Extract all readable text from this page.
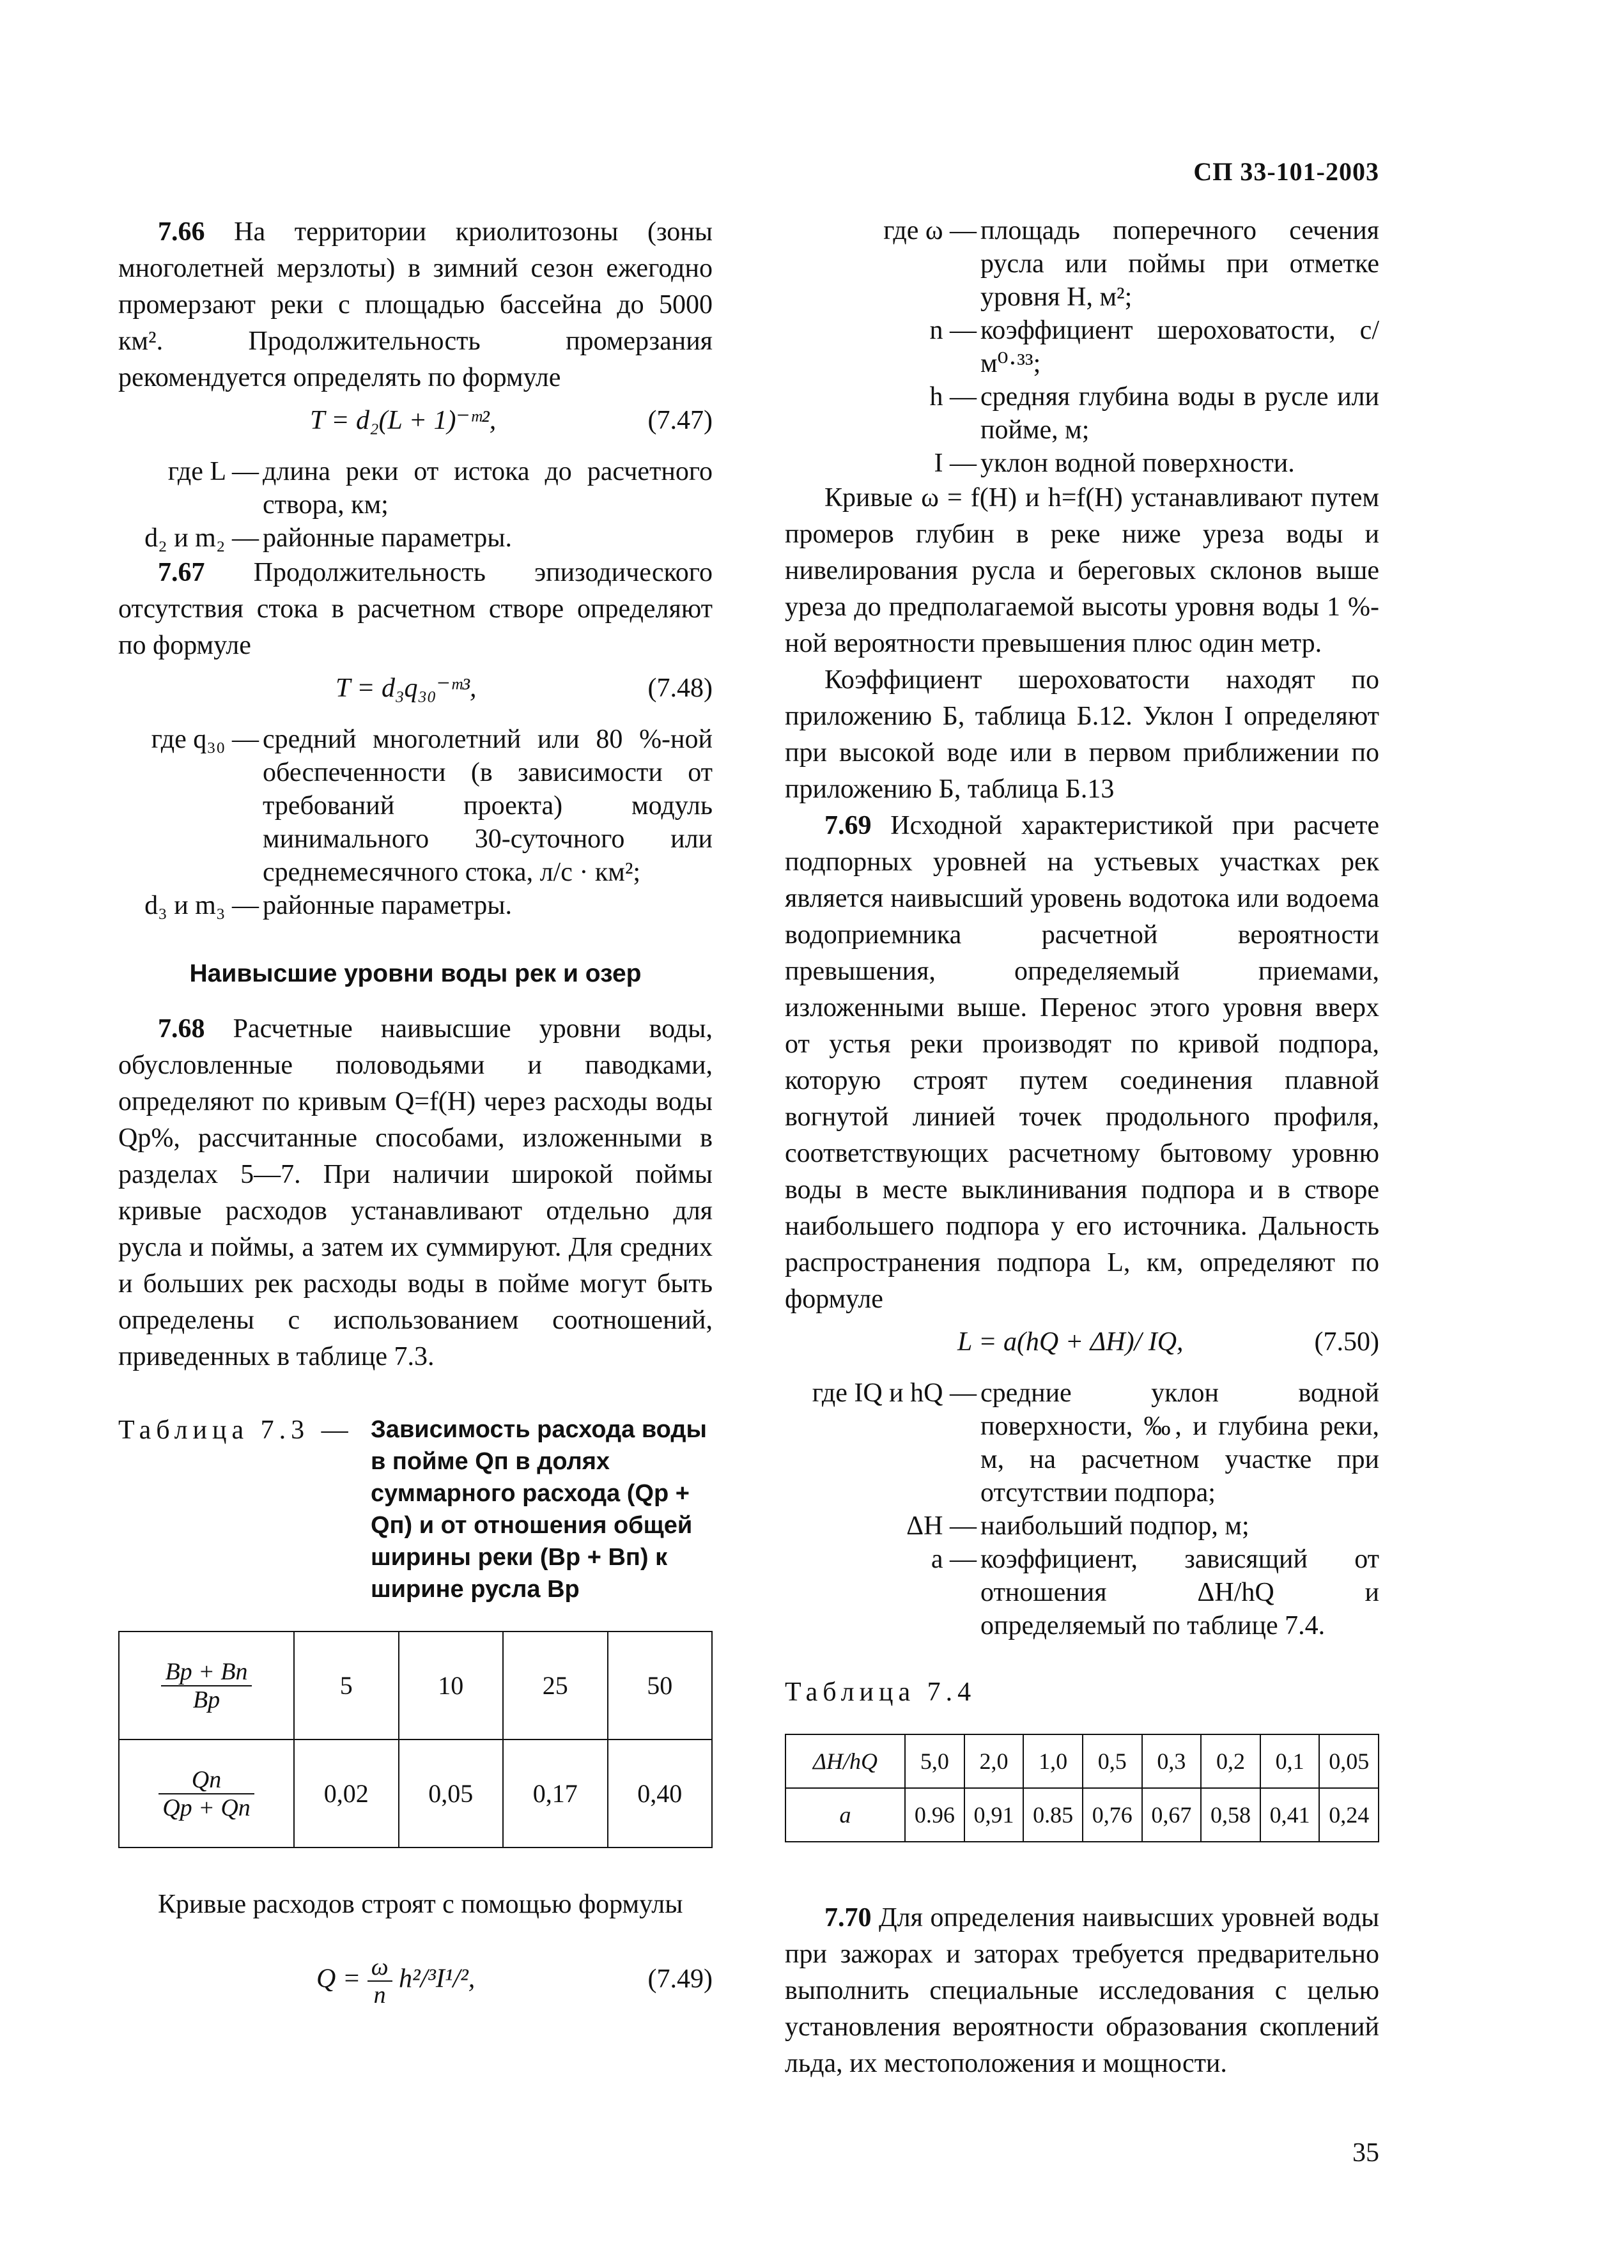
СП 33-101-2003

7.66 На территории криолитозоны (зоны многолетней мерзлоты) в зимний сезон ежегодно промерзают реки с площадью бассейна до 5000 км². Продолжительность промерзания рекомендуется определять по формуле

T = d₂(L + 1)⁻ᵐ²,	(7.47)
где L —	длина реки от истока до расчетного створа, км;
d₂ и m₂ —	районные параметры.

7.67 Продолжительность эпизодического отсутствия стока в расчетном створе определяют по формуле

T = d₃q₃₀⁻ᵐ³,	(7.48)
где q₃₀ —	средний многолетний или 80 %-ной обеспеченности (в зависимости от требований проекта) модуль минимального 30-суточного или среднемесячного стока, л/с · км²;
d₃ и m₃ —	районные параметры.
Наивысшие уровни воды рек и озер

7.68 Расчетные наивысшие уровни воды, обусловленные половодьями и паводками, определяют по кривым Q=f(H) через расходы воды Qр%, рассчитанные способами, изложенными в разделах 5—7. При наличии широкой поймы кривые расходов устанавливают отдельно для русла и поймы, а затем их суммируют. Для средних и больших рек расходы воды в пойме могут быть определены с использованием соотношений, приведенных в таблице 7.3.

Таблица 7.3 — Зависимость расхода воды в пойме Qп в долях суммарного расхода (Qр + Qп) и от отношения общей ширины реки (Вр + Вп) к ширине русла Вр
$\frac{Bр + Bп}{Bр}$	5	10	25	50

$\frac{Qп}{Qр + Qп}$	0,02	0,05	0,17	0,40

Кривые расходов строят с помощью формулы

$Q = \frac{\omega}{n} h^2/^3I^1/^2$,	(7.49)
где ω —	площадь поперечного сечения русла или поймы при отметке уровня H, м²;
n —	коэффициент шероховатости, с/м⁰·³³;
h —	средняя глубина воды в русле или пойме, м;
I —	уклон водной поверхности.

Кривые ω = f(H) и h=f(H) устанавливают путем промеров глубин в реке ниже уреза воды и нивелирования русла и береговых склонов выше уреза до предполагаемой высоты уровня воды 1 %-ной вероятности превышения плюс один метр.

Коэффициент шероховатости находят по приложению Б, таблица Б.12. Уклон I определяют при высокой воде или в первом приближении по приложению Б, таблица Б.13

7.69 Исходной характеристикой при расчете подпорных уровней на устьевых участках рек является наивысший уровень водотока или водоема водоприемника расчетной вероятности превышения, определяемый приемами, изложенными выше. Перенос этого уровня вверх от устья реки производят по кривой подпора, которую строят путем соединения плавной вогнутой линией точек продольного профиля, соответствующих расчетному бытовому уровню воды в месте выклинивания подпора и в створе наибольшего подпора у его источника. Дальность распространения подпора L, км, определяют по формуле

L = a(hQ + ΔH)/ IQ,	(7.50)
где IQ и hQ —	средние уклон водной поверхности, ‰, и глубина реки, м, на расчетном участке при отсутствии подпора;
ΔH —	наибольший подпор, м;
a —	коэффициент, зависящий от отношения ΔH/hQ и определяемый по таблице 7.4.
Таблица 7.4
ΔH/hQ	5,0	2,0	1,0	0,5	0,3	0,2	0,1	0,05
a	0.96	0,91	0.85	0,76	0,67	0,58	0,41	0,24

7.70 Для определения наивысших уровней воды при зажорах и заторах требуется предварительно выполнить специальные исследования с целью установления вероятности образования скоплений льда, их местоположения и мощности.

35
